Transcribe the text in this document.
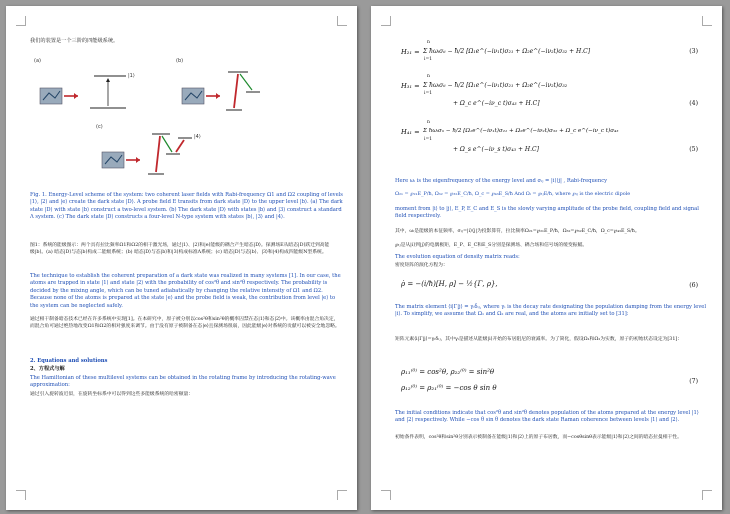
我们的装置是一个三阶的四能级系统。

(a)
|1⟩
(b)
(c)
|4⟩

Fig. 1. Energy-Level scheme of the system: two coherent laser fields with Rabi-frequency Ω1 and Ω2 coupling of levels |1⟩, |2⟩ and |e⟩ create the dark state |D⟩. A probe field E transits from dark state |D⟩ to the upper level |b⟩. (a) The dark state |D⟩ with state |b⟩ construct a two-level system. (b) The dark state |D⟩ with states |b⟩ and |3⟩ construct a standard Λ system. (c) The dark state |D⟩ constructs a four-level N-type system with states |b⟩, |3⟩ and |4⟩.

图1：系统的能级图示：两个具有拉比频率Ω1和Ω2的相干激光场，通过|1⟩、|2⟩和|e⟩能级的耦合产生暗态|D⟩。探测场E从暗态|D⟩跃迁到高能级|b⟩。(a) 暗态|D⟩与态|b⟩构成二能级系统；(b) 暗态|D⟩与态|b⟩和|3⟩构成标准Λ系统；(c) 暗态|D⟩与态|b⟩、|3⟩和|4⟩构成四能级N型系统。

The technique to establish the coherent preparation of a dark state was realized in many systems [1]. In our case, the atoms are trapped in state |1⟩ and state |2⟩ with the probability of cos²θ and sin²θ respectively. The probability is decided by the mixing angle, which can be tuned adiabatically by changing the relative intensity of Ω1 and Ω2. Because none of the atoms is prepared at the state |e⟩ and the probe field is weak, the contribution from level |e⟩ to the system can be neglected safely.

通过相干制备暗态技术已经在许多系统中实现[1]。在本研究中，原子被分别以cos²θ和sin²θ的概率囚禁在态|1⟩和态|2⟩中。该概率由混合角决定，而混合角可通过绝热地改变Ω1和Ω2的相对强度来调节。由于没有原子被制备在态|e⟩且探测场很弱，因此能级|e⟩对系统的贡献可以被安全地忽略。

2. Equations and solutions

2、方程式与解

The Hamiltonian of these multilevel systems can be obtained in the rotating frame by introducing the rotating-wave approximation:

通过引入旋转波近似，在旋转坐标系中可以得到这些多能级系统的哈密顿量：

H₂₁ =
n
Σ ħωᵢσᵢᵢ − ħ/2 [Ω₁e^(−iν₁t)σ₂₁ + Ω₂e^(−iν₂t)σ₃₂ + H.C]
i=1
(3)
H₃₁ =
n
Σ ħωᵢσᵢᵢ − ħ/2 [Ω₁e^(−iν₁t)σ₂₁ + Ω₂e^(−iν₂t)σ₃₂
i=1
+ Ω_c e^(−iν_c t)σ₄₃ + H.C]	(4)
H₄₁ =
n
Σ ħωᵢσᵢᵢ − ħ/2 [Ω₁e^(−iν₁t)σ₂₁ + Ω₂e^(−iν₂t)σ₃₂ + Ω_c e^(−iν_c t)σ₄₃
i=1
+ Ω_s e^(−iν_s t)σ₄₃ + H.C]	(5)

Here ωᵢ is the eigenfrequency of the energy level and σᵢⱼ = |i⟩⟨j| , Rabi-frequency

Ω₂₁ = ℘₂₁E_P/ħ, Ω₃₂ = ℘₃₂E_C/ħ, Ω_c = ℘₄₃E_S/ħ And Ωᵢ = ℘ᵢⱼE/ħ, where ℘ᵢⱼ is the electric dipole

moment from |i⟩ to |j⟩, E_P, E_C and E_S is the slowly varying amplitude of the probe field, coupling field and signal field respectively.

其中，ωᵢ是能级的本征频率，σᵢⱼ=|i⟩⟨j|为投影算符，拉比频率Ω₂₁=℘₂₁E_P/ħ，Ω₃₂=℘₃₂E_C/ħ，Ω_c=℘₄₃E_S/ħ。

℘ᵢⱼ是从|i⟩到|j⟩的电偶极矩，E_P、E_C和E_S分别是探测场、耦合场和信号场的缓变振幅。

The evolution equation of density matrix reads:

密度矩阵的演化方程为：

ρ̇ = −(i/ħ)[H, ρ] − ½{Γ, ρ},	(6)

The matrix element ⟨i|Γ|j⟩ = γᵢδᵢⱼ, where γᵢ is the decay rate designating the population damping from the energy level |i⟩. To simplify, we assume that Ω₁ and Ω₂ are real, and the atoms are initially set to [31]:

矩阵元素⟨i|Γ|j⟩=γᵢδᵢⱼ，其中γᵢ是描述从能级|i⟩开始的布居阻尼的衰减率。为了简化，假设Ω₁和Ω₂为实数，原子的初始状态设定为[31]：

ρ₁₁⁽⁰⁾ = cos²θ, ρ₂₂⁽⁰⁾ = sin²θ
ρ₁₂⁽⁰⁾ = ρ₂₁⁽⁰⁾ = −cos θ sin θ
(7)

The initial conditions indicate that cos²θ and sin²θ denotes population of the atoms prepared at the energy level |1⟩ and |2⟩ respectively. While −cos θ sin θ denotes the dark state Raman coherence between levels |1⟩ and |2⟩.

初始条件表明，cos²θ和sin²θ分别表示被制备在能级|1⟩和|2⟩上的原子布居数，而−cosθsinθ表示能级|1⟩和|2⟩之间的暗态拉曼相干性。
